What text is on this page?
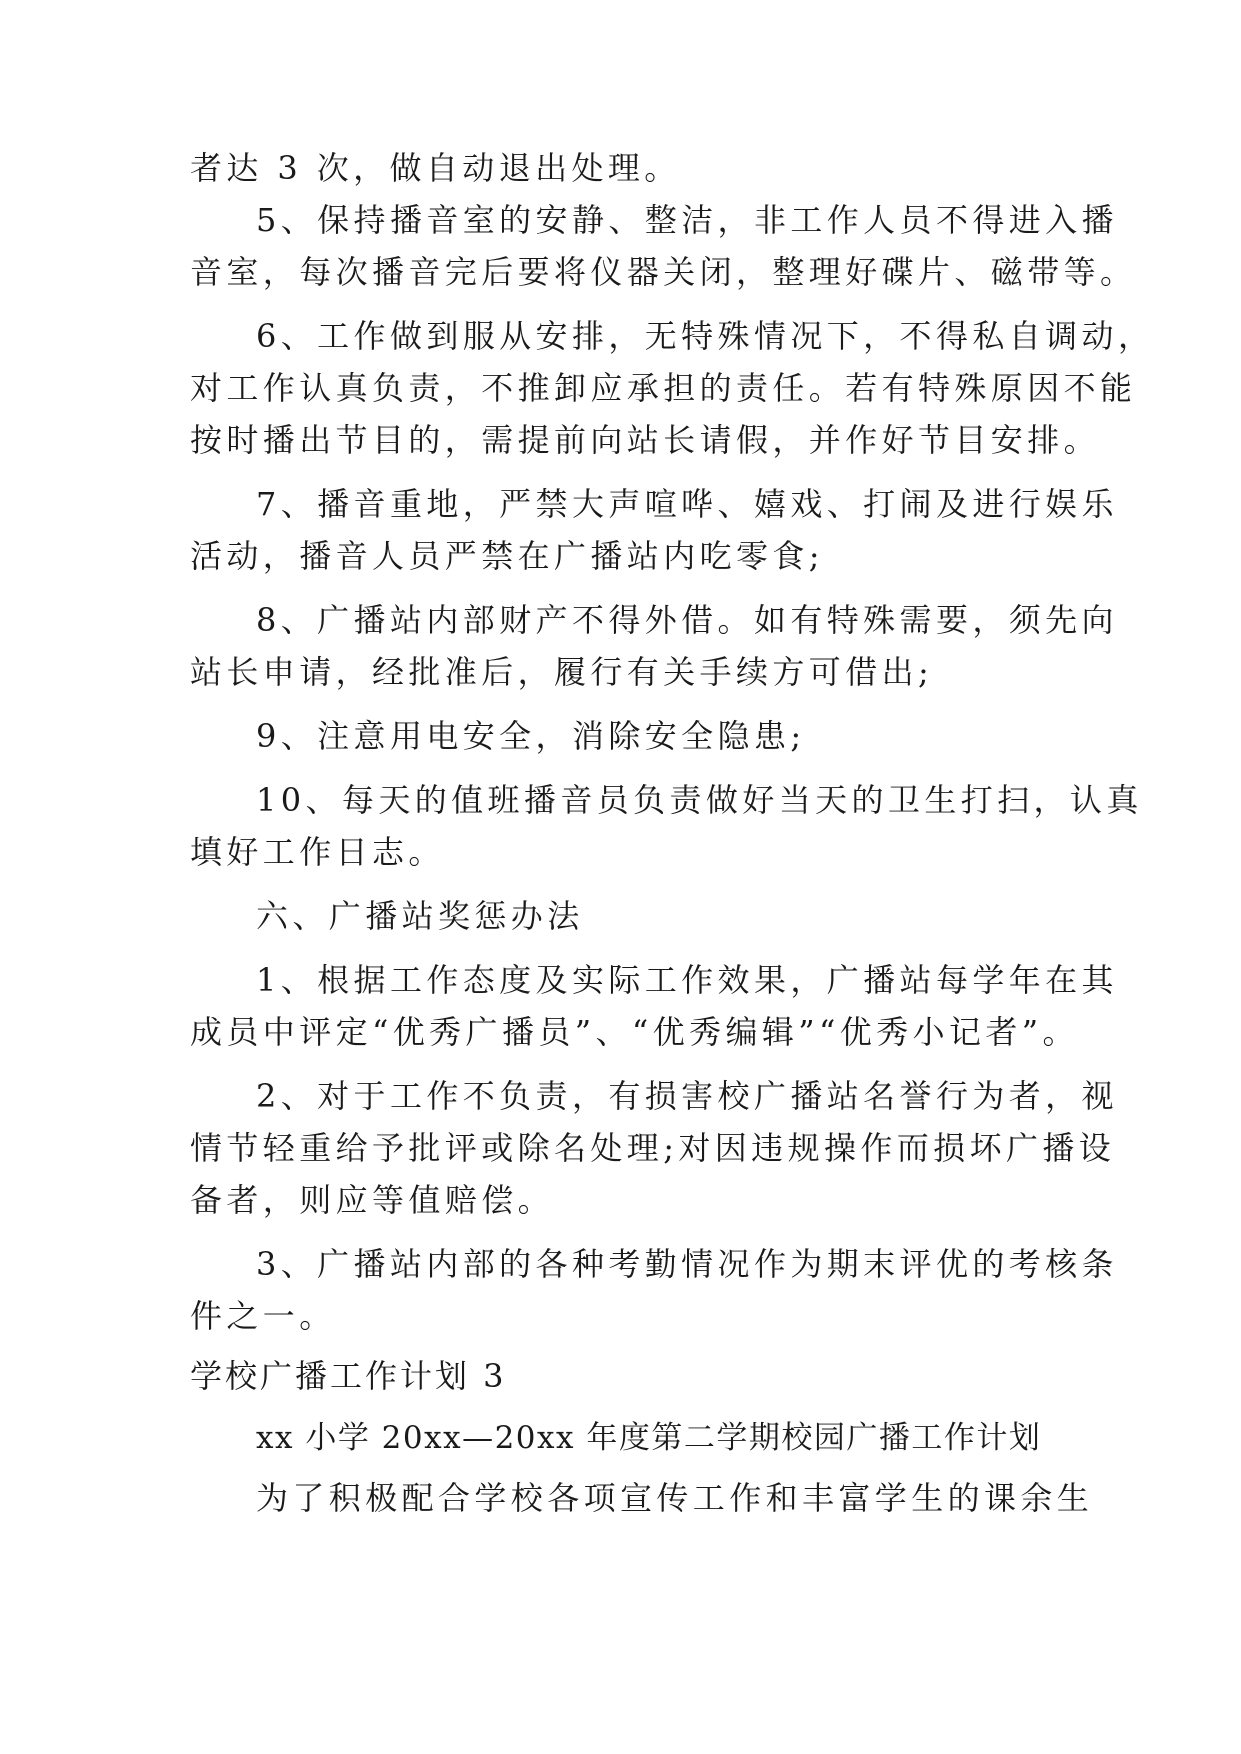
者达 3 次，做自动退出处理。
5、保持播音室的安静、整洁，非工作人员不得进入播
音室，每次播音完后要将仪器关闭，整理好碟片、磁带等。
6、工作做到服从安排，无特殊情况下，不得私自调动，
对工作认真负责，不推卸应承担的责任。若有特殊原因不能
按时播出节目的，需提前向站长请假，并作好节目安排。
7、播音重地，严禁大声喧哗、嬉戏、打闹及进行娱乐
活动，播音人员严禁在广播站内吃零食;
8、广播站内部财产不得外借。如有特殊需要，须先向
站长申请，经批准后，履行有关手续方可借出;
9、注意用电安全，消除安全隐患;
10、每天的值班播音员负责做好当天的卫生打扫，认真
填好工作日志。
六、广播站奖惩办法
1、根据工作态度及实际工作效果，广播站每学年在其
成员中评定“优秀广播员”、“优秀编辑”“优秀小记者”。
2、对于工作不负责，有损害校广播站名誉行为者，视
情节轻重给予批评或除名处理;对因违规操作而损坏广播设
备者，则应等值赔偿。
3、广播站内部的各种考勤情况作为期末评优的考核条
件之一。
学校广播工作计划 3
xx 小学 20xx—20xx 年度第二学期校园广播工作计划
为了积极配合学校各项宣传工作和丰富学生的课余生
